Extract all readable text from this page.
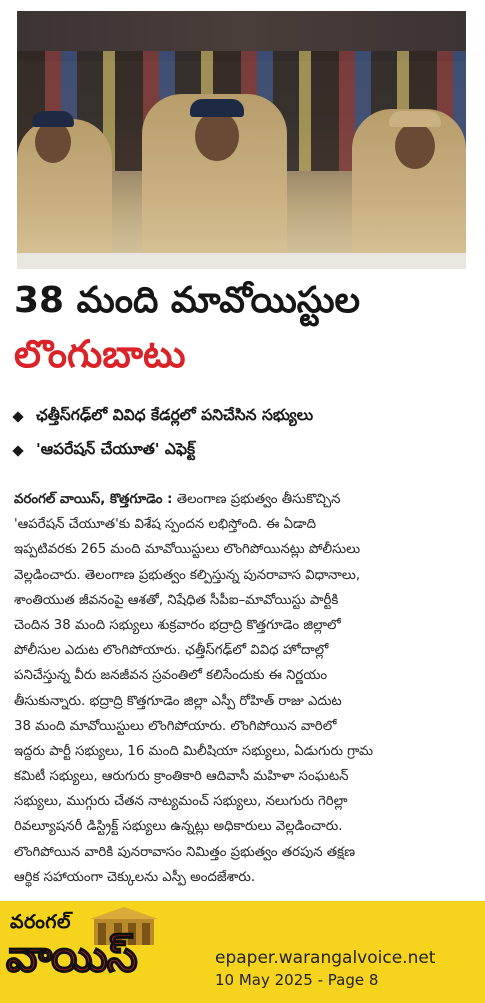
38 మంది మావోయిస్టుల
లొంగుబాటు
ఛత్తీస్‌గఢ్‌లో వివిధ కేడర్లలో పనిచేసిన సభ్యులు
'ఆపరేషన్ చేయూత' ఎఫెక్ట్
వరంగల్ వాయిస్, కొత్తగూడెం : తెలంగాణ ప్రభుత్వం తీసుకొచ్చిన
'ఆపరేషన్ చేయూత'కు విశేష స్పందన లభిస్తోంది. ఈ ఏడాది
ఇప్పటివరకు 265 మంది మావోయిస్టులు లొంగిపోయినట్లు పోలీసులు
వెల్లడించారు. తెలంగాణ ప్రభుత్వం కల్పిస్తున్న పునరావాస విధానాలు,
శాంతియుత జీవనంపై ఆశతో, నిషేధిత సీపీఐ–మావోయిస్టు పార్టీకి
చెందిన 38 మంది సభ్యులు శుక్రవారం భద్రాద్రి కొత్తగూడెం జిల్లాలో
పోలీసుల ఎదుట లొంగిపోయారు. ఛత్తీస్‌గఢ్‌లో వివిధ హోదాల్లో
పనిచేస్తున్న వీరు జనజీవన స్రవంతిలో కలిసేందుకు ఈ నిర్ణయం
తీసుకున్నారు. భద్రాద్రి కొత్తగూడెం జిల్లా ఎస్పీ రోహిత్ రాజు ఎదుట
38 మంది మావోయిస్టులు లొంగిపోయారు. లొంగిపోయిన వారిలో
ఇద్దరు పార్టీ సభ్యులు, 16 మంది మిలీషియా సభ్యులు, ఏడుగురు గ్రామ
కమిటీ సభ్యులు, ఆరుగురు క్రాంతికారి ఆదివాసీ మహిళా సంఘటన్
సభ్యులు, ముగ్గురు చేతన నాట్యమంచ్ సభ్యులు, నలుగురు గెరిల్లా
రివల్యూషనరీ డిస్ట్రిక్ట్ సభ్యులు ఉన్నట్లు అధికారులు వెల్లడించారు.
లొంగిపోయిన వారికి పునరావాసం నిమిత్తం ప్రభుత్వం తరపున తక్షణ
ఆర్థిక సహాయంగా చెక్కులను ఎస్పీ అందజేశారు.
వరంగల్
వాయిస్	epaper.warangalvoice.net
10 May 2025 - Page 8
